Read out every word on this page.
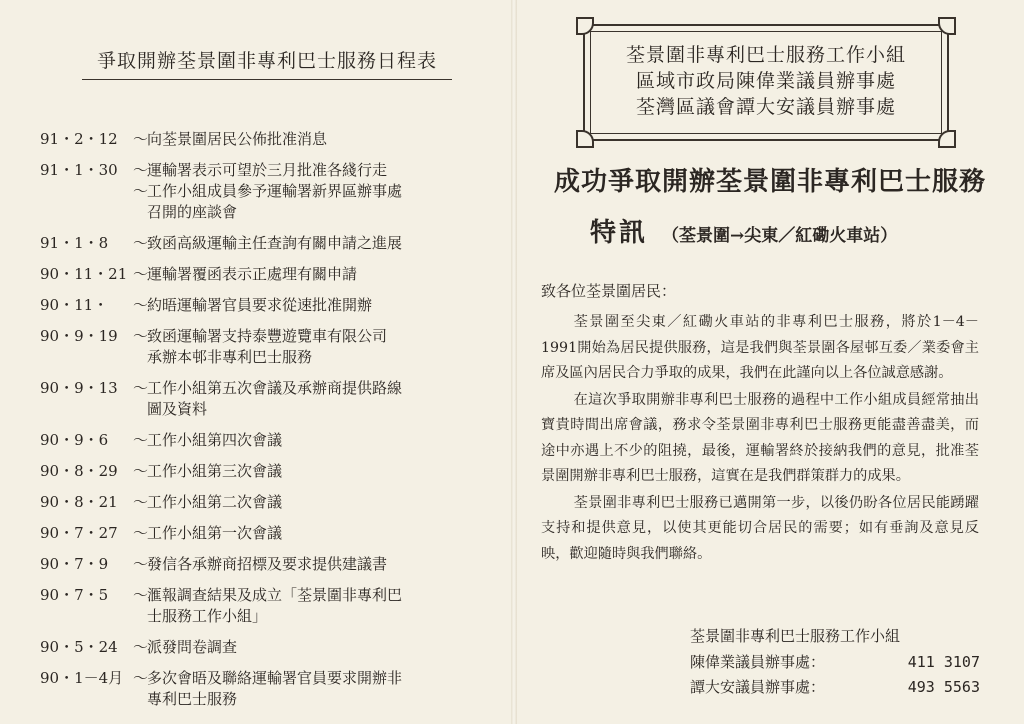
爭取開辦荃景圍非專利巴士服務日程表
91・2・12 ～向荃景圍居民公佈批准消息
91・1・30 ～運輸署表示可望於三月批准各綫行走
～工作小組成員參予運輸署新界區辦事處
召開的座談會
91・1・8 ～致函高級運輸主任查詢有關申請之進展
90・11・21 ～運輸署覆函表示正處理有關申請
90・11・ ～約晤運輸署官員要求從速批准開辦
90・9・19 ～致函運輸署支持泰豐遊覽車有限公司
承辦本邨非專利巴士服務
90・9・13 ～工作小組第五次會議及承辦商提供路線
圖及資料
90・9・6 ～工作小組第四次會議
90・8・29 ～工作小組第三次會議
90・8・21 ～工作小組第二次會議
90・7・27 ～工作小組第一次會議
90・7・9 ～發信各承辦商招標及要求提供建議書
90・7・5 ～滙報調查結果及成立「荃景圍非專利巴
士服務工作小組」
90・5・24 ～派發問卷調查
90・1－4月 ～多次會晤及聯絡運輸署官員要求開辦非
專利巴士服務
荃景圍非專利巴士服務工作小組
區域市政局陳偉業議員辦事處
荃灣區議會譚大安議員辦事處
成功爭取開辦荃景圍非專利巴士服務
特訊 （荃景圍→尖東／紅磡火車站）
致各位荃景圍居民：

荃景圍至尖東／紅磡火車站的非專利巴士服務，將於1－4－1991開始為居民提供服務，這是我們與荃景圍各屋邨互委／業委會主席及區內居民合力爭取的成果，我們在此謹向以上各位誠意感謝。

在這次爭取開辦非專利巴士服務的過程中工作小組成員經常抽出寶貴時間出席會議，務求令荃景圍非專利巴士服務更能盡善盡美，而途中亦遇上不少的阻撓，最後，運輸署終於接納我們的意見，批准荃景圍開辦非專利巴士服務，這實在是我們群策群力的成果。

荃景圍非專利巴士服務已邁開第一步，以後仍盼各位居民能踴躍支持和提供意見，以使其更能切合居民的需要；如有垂詢及意見反映，歡迎隨時與我們聯絡。

荃景圍非專利巴士服務工作小組
陳偉業議員辦事處：	411 3107
譚大安議員辦事處：	493 5563
